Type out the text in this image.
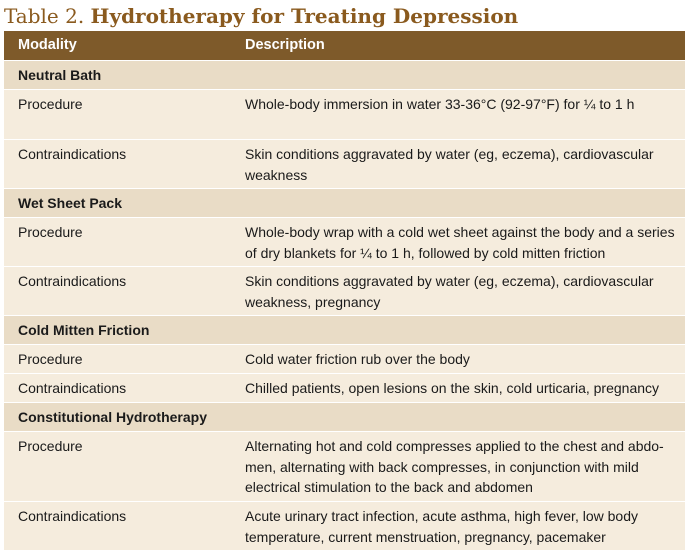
Table 2. Hydrotherapy for Treating Depression
Modality	Description
Neutral Bath	
Procedure	Whole-body immersion in water 33-36°C (92-97°F) for ¼ to 1 h
Contraindications	Skin conditions aggravated by water (eg, eczema), cardiovascular weakness
Wet Sheet Pack	
Procedure	Whole-body wrap with a cold wet sheet against the body and a series of dry blankets for ¼ to 1 h, followed by cold mitten friction
Contraindications	Skin conditions aggravated by water (eg, eczema), cardiovascular weakness, pregnancy
Cold Mitten Friction	
Procedure	Cold water friction rub over the body
Contraindications	Chilled patients, open lesions on the skin, cold urticaria, pregnancy
Constitutional Hydrotherapy	
Procedure	Alternating hot and cold compresses applied to the chest and abdo-men, alternating with back compresses, in conjunction with mild electrical stimulation to the back and abdomen
Contraindications	Acute urinary tract infection, acute asthma, high fever, low body temperature, current menstruation, pregnancy, pacemaker
